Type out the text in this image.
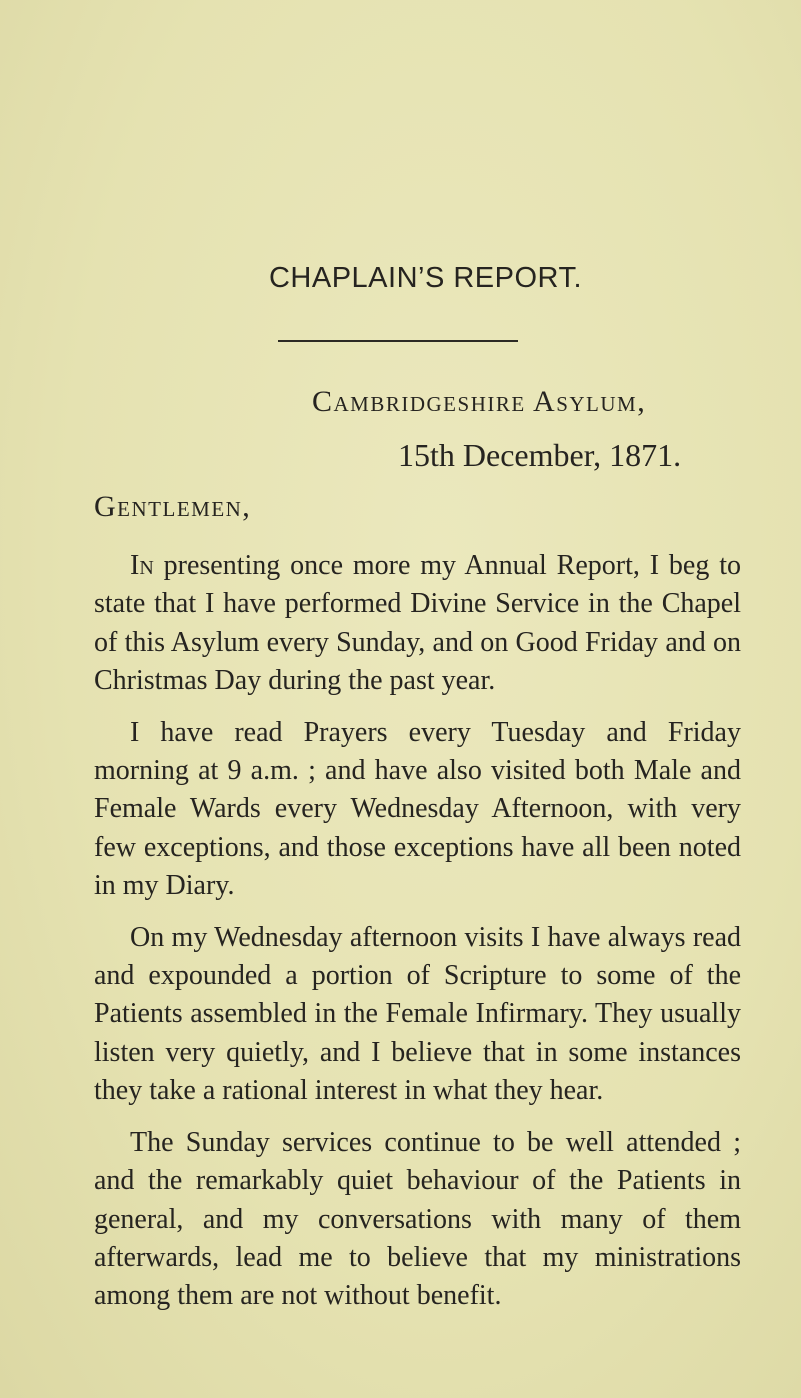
CHAPLAIN’S REPORT.

Cambridgeshire Asylum,

15th December, 1871.

Gentlemen,

In presenting once more my Annual Report, I beg to state that I have performed Divine Service in the Chapel of this Asylum every Sunday, and on Good Friday and on Christmas Day during the past year.

I have read Prayers every Tuesday and Friday morning at 9 a.m. ; and have also visited both Male and Female Wards every Wednesday Afternoon, with very few exceptions, and those exceptions have all been noted in my Diary.

On my Wednesday afternoon visits I have always read and expounded a portion of Scripture to some of the Patients assembled in the Female Infirmary. They usually listen very quietly, and I believe that in some instances they take a rational interest in what they hear.

The Sunday services continue to be well attended ; and the remarkably quiet behaviour of the Patients in general, and my conversations with many of them afterwards, lead me to believe that my ministrations among them are not without benefit.
